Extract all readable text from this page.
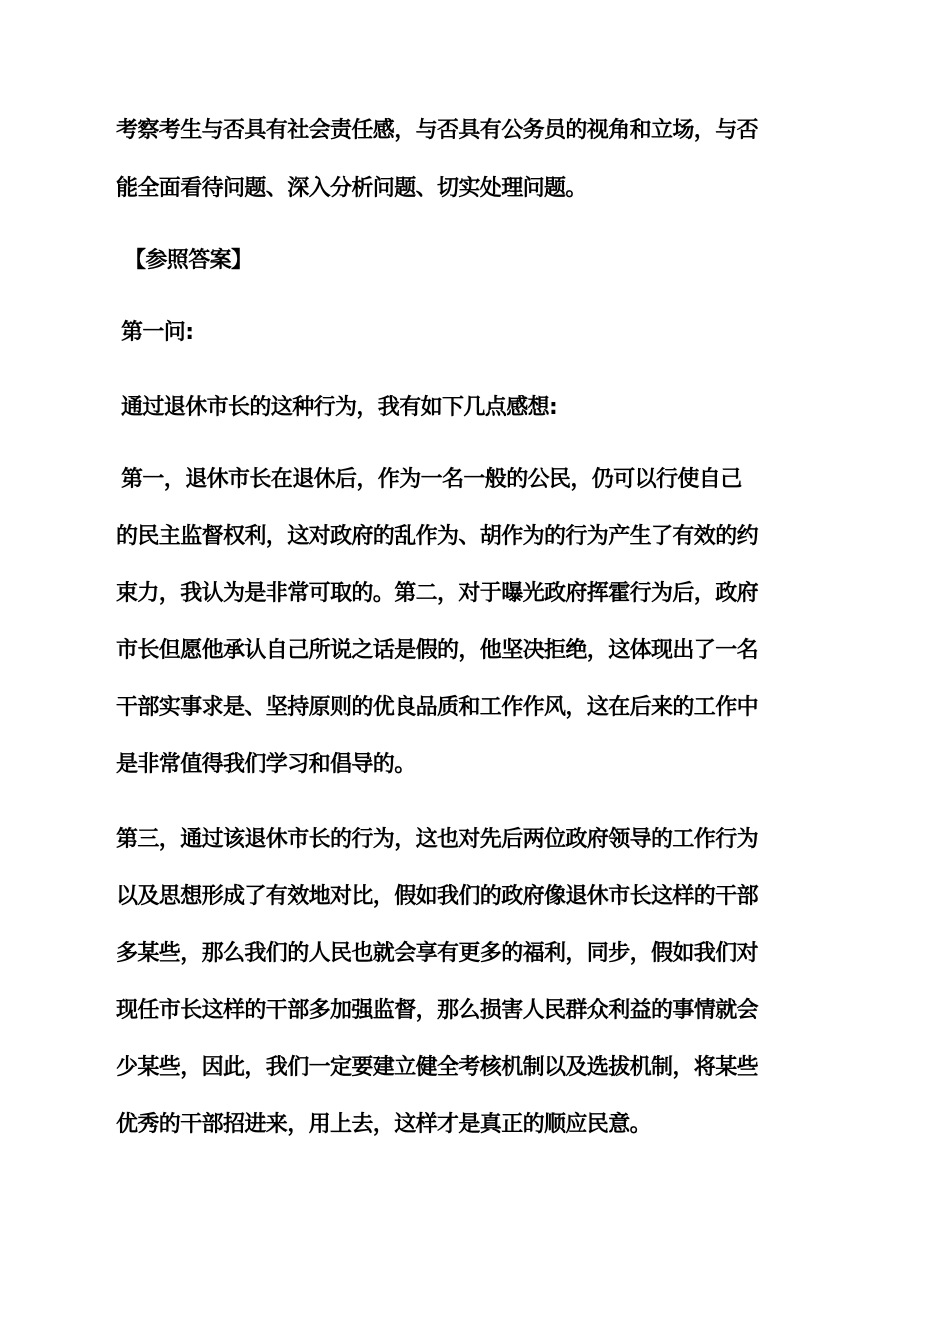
考察考生与否具有社会责任感，与否具有公务员的视角和立场，与否
能全面看待问题、深入分析问题、切实处理问题。
【参照答案】
第一问:
通过退休市长的这种行为，我有如下几点感想:
第一，退休市长在退休后，作为一名一般的公民，仍可以行使自己
的民主监督权利，这对政府的乱作为、胡作为的行为产生了有效的约
束力，我认为是非常可取的。第二，对于曝光政府挥霍行为后，政府
市长但愿他承认自己所说之话是假的，他坚决拒绝，这体现出了一名
干部实事求是、坚持原则的优良品质和工作作风，这在后来的工作中
是非常值得我们学习和倡导的。
第三，通过该退休市长的行为，这也对先后两位政府领导的工作行为
以及思想形成了有效地对比，假如我们的政府像退休市长这样的干部
多某些，那么我们的人民也就会享有更多的福利，同步，假如我们对
现任市长这样的干部多加强监督，那么损害人民群众利益的事情就会
少某些，因此，我们一定要建立健全考核机制以及选拔机制，将某些
优秀的干部招进来，用上去，这样才是真正的顺应民意。
